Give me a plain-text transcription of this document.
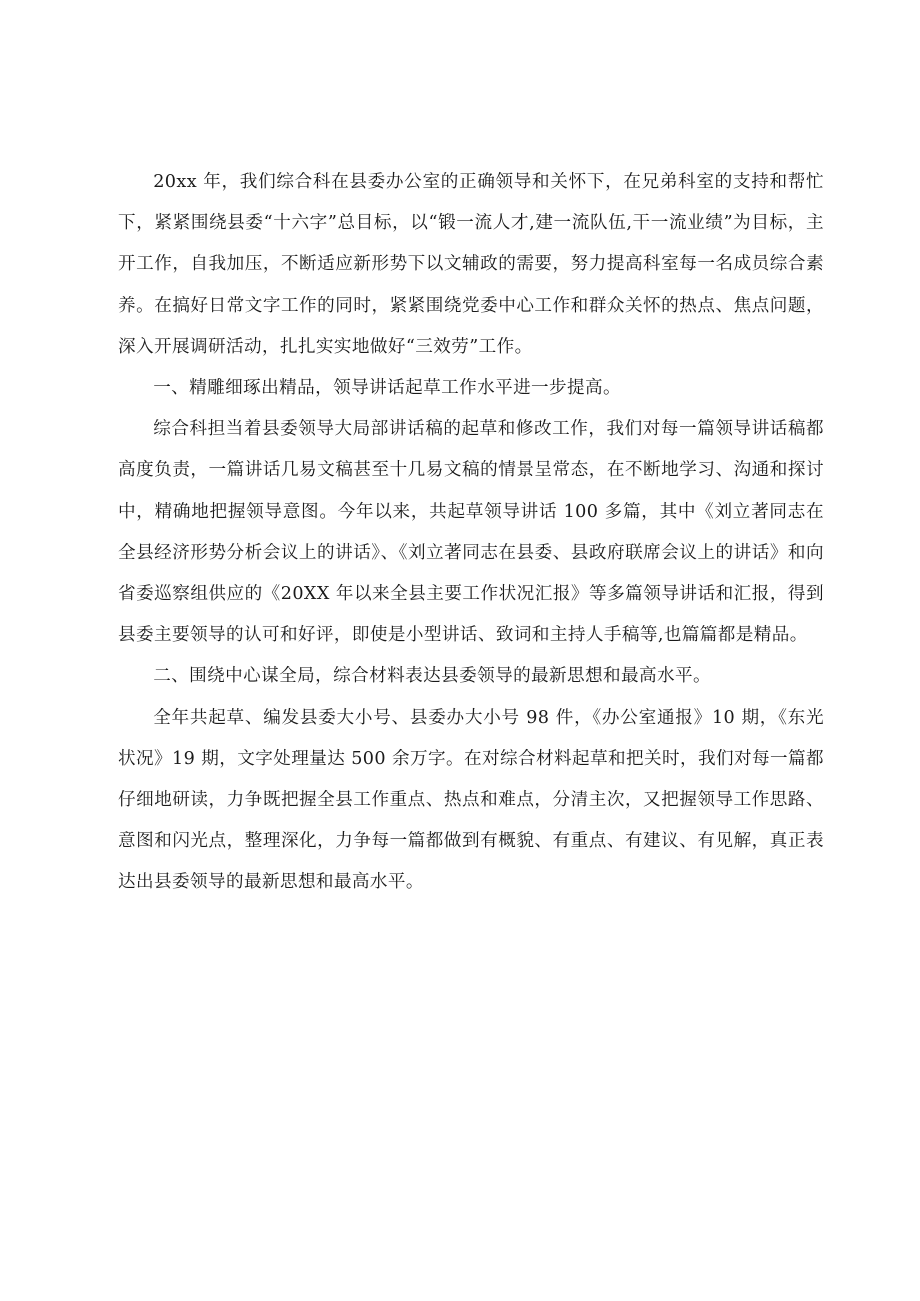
20xx 年，我们综合科在县委办公室的正确领导和关怀下，在兄弟科室的支持和帮忙下，紧紧围绕县委“十六字”总目标，以“锻一流人才,建一流队伍,干一流业绩”为目标，主开工作，自我加压，不断适应新形势下以文辅政的需要，努力提高科室每一名成员综合素养。在搞好日常文字工作的同时，紧紧围绕党委中心工作和群众关怀的热点、焦点问题，深入开展调研活动，扎扎实实地做好“三效劳”工作。

一、精雕细琢出精品，领导讲话起草工作水平进一步提高。

综合科担当着县委领导大局部讲话稿的起草和修改工作，我们对每一篇领导讲话稿都高度负责，一篇讲话几易文稿甚至十几易文稿的情景呈常态，在不断地学习、沟通和探讨中，精确地把握领导意图。今年以来，共起草领导讲话 100 多篇，其中《刘立著同志在全县经济形势分析会议上的讲话》、《刘立著同志在县委、县政府联席会议上的讲话》和向省委巡察组供应的《20XX 年以来全县主要工作状况汇报》等多篇领导讲话和汇报，得到县委主要领导的认可和好评，即使是小型讲话、致词和主持人手稿等,也篇篇都是精品。

二、围绕中心谋全局，综合材料表达县委领导的最新思想和最高水平。

全年共起草、编发县委大小号、县委办大小号 98 件，《办公室通报》10 期，《东光状况》19 期，文字处理量达 500 余万字。在对综合材料起草和把关时，我们对每一篇都仔细地研读，力争既把握全县工作重点、热点和难点，分清主次，又把握领导工作思路、意图和闪光点，整理深化，力争每一篇都做到有概貌、有重点、有建议、有见解，真正表达出县委领导的最新思想和最高水平。
